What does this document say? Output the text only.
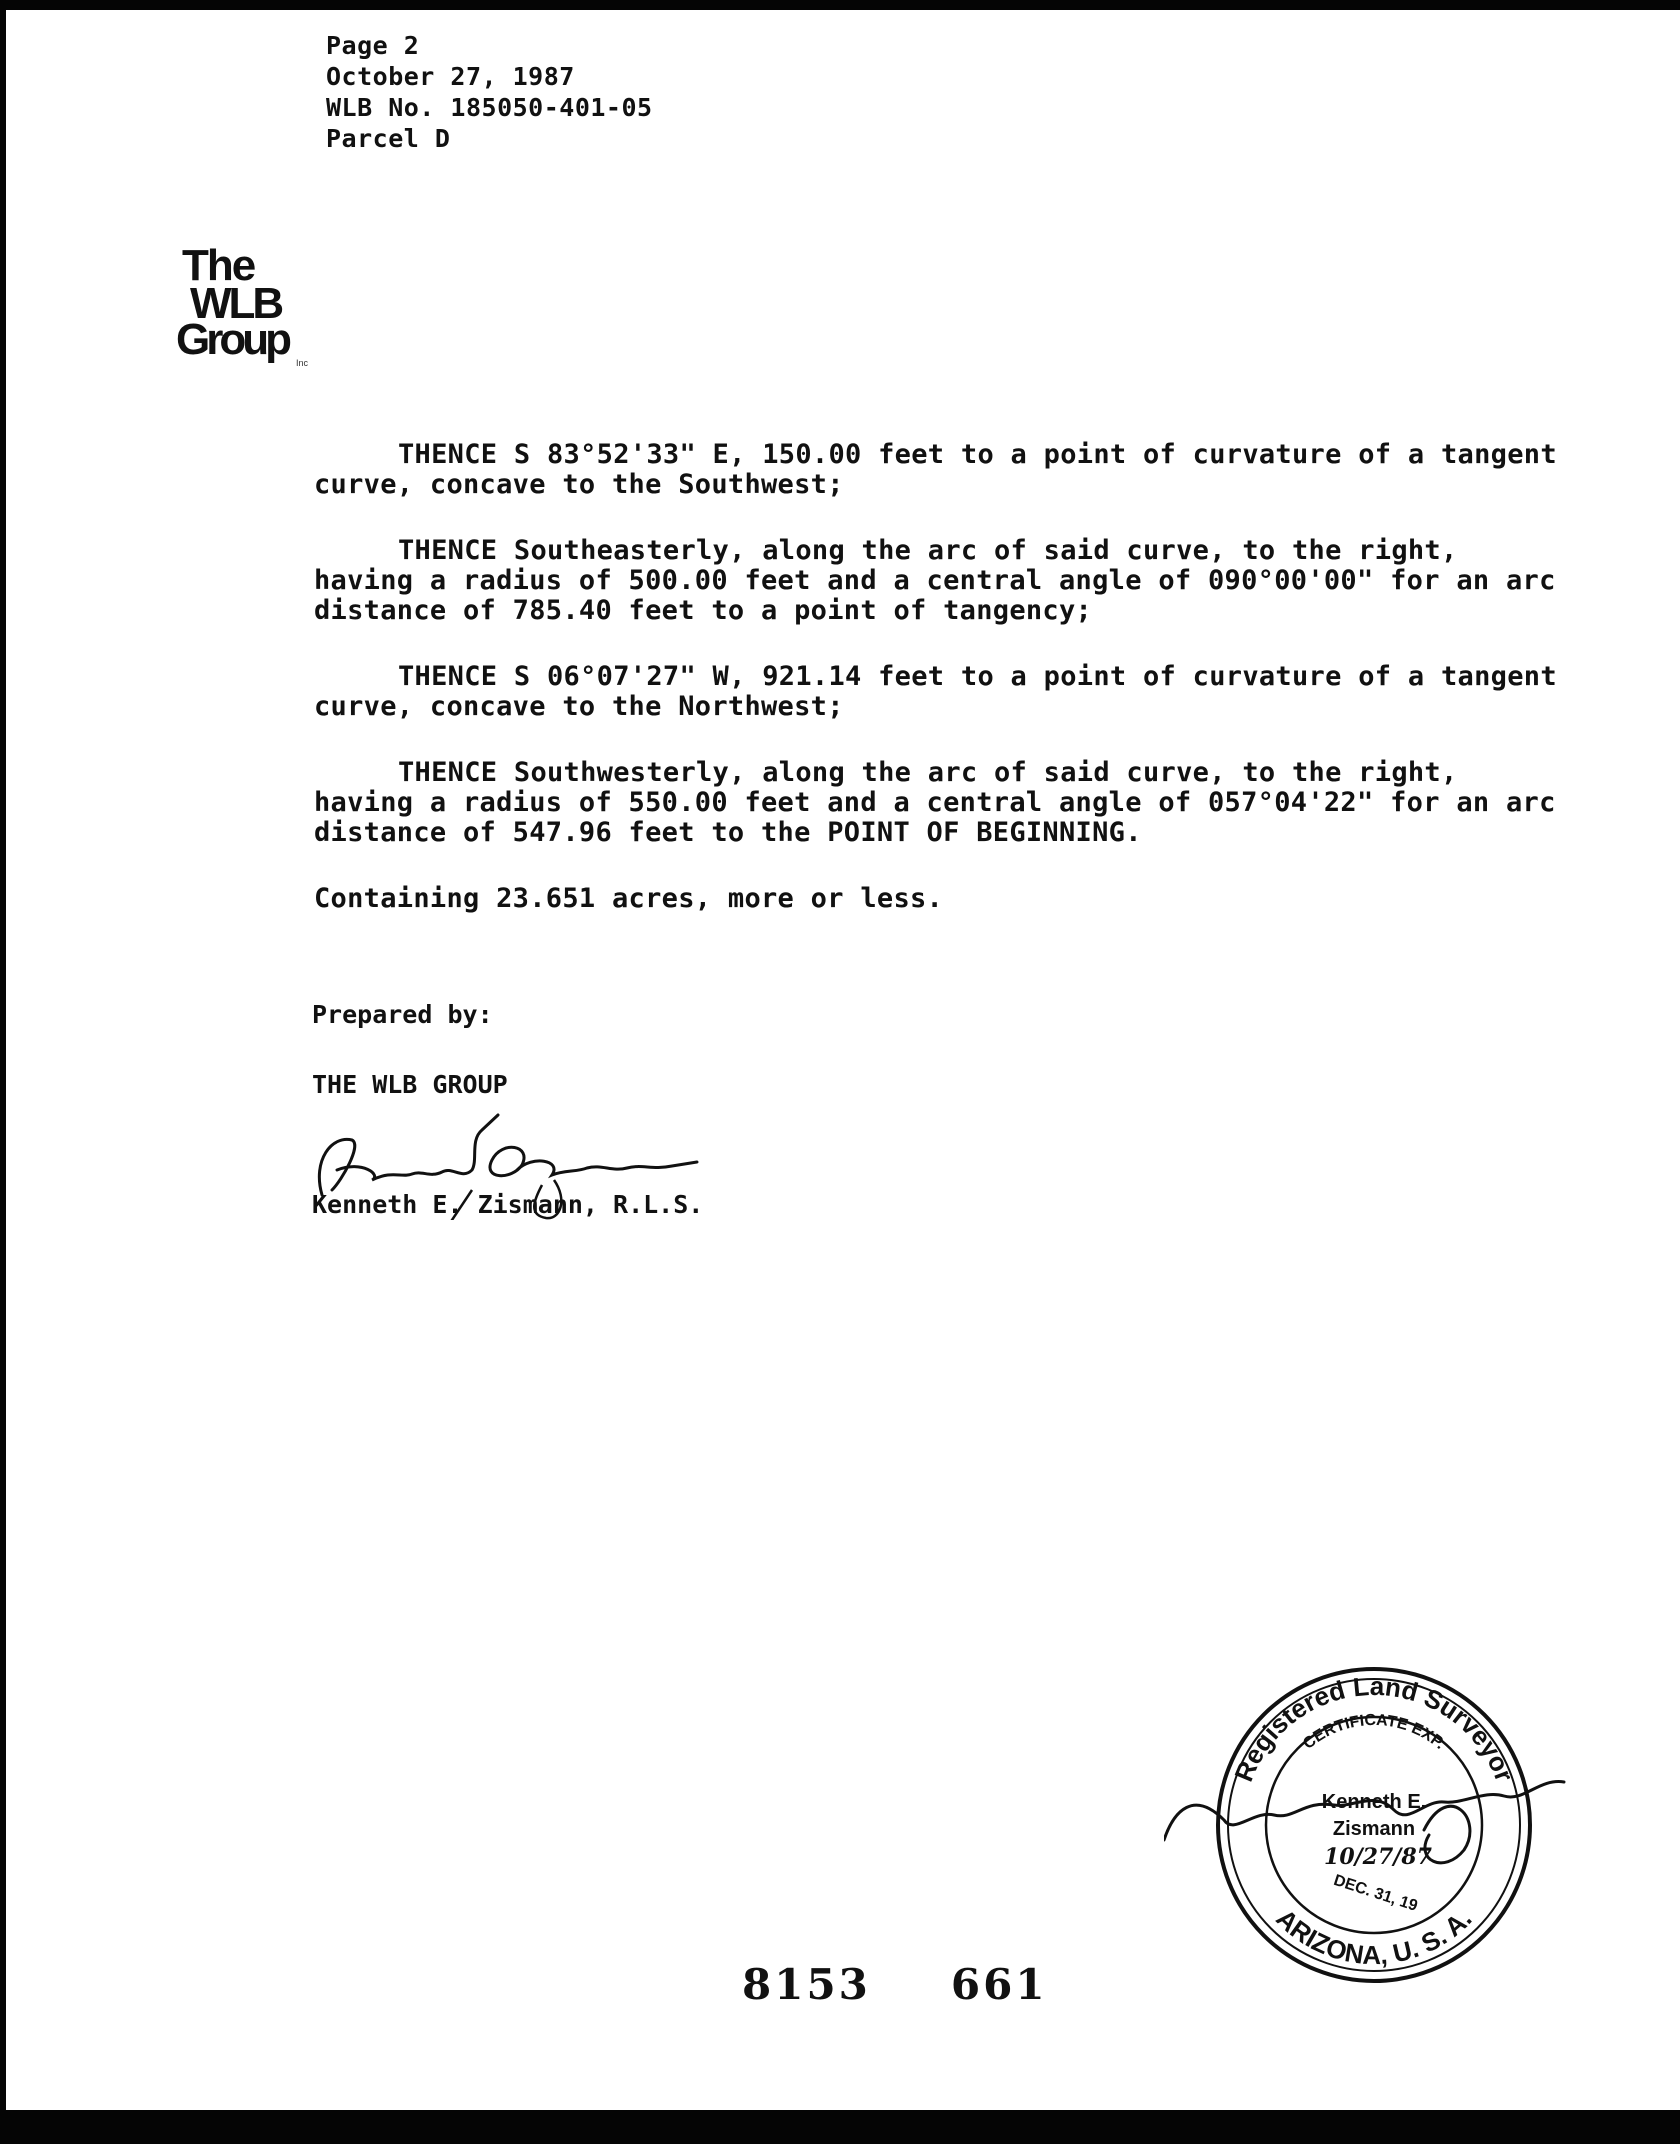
Page 2
October 27, 1987
WLB No. 185050-401-05
Parcel D
The
WLB
Group Inc

THENCE S 83°52'33" E, 150.00 feet to a point of curvature of a tangent curve, concave to the Southwest;

THENCE Southeasterly, along the arc of said curve, to the right, having a radius of 500.00 feet and a central angle of 090°00'00" for an arc distance of 785.40 feet to a point of tangency;

THENCE S 06°07'27" W, 921.14 feet to a point of curvature of a tangent curve, concave to the Northwest;

THENCE Southwesterly, along the arc of said curve, to the right, having a radius of 550.00 feet and a central angle of 057°04'22" for an arc distance of 547.96 feet to the POINT OF BEGINNING.

Containing 23.651 acres, more or less.

Prepared by:
THE WLB GROUP
Kenneth E. Zismann, R.L.S.
Registered Land Surveyor
ARIZONA, U. S. A.
CERTIFICATE EXP.
Kenneth E.
Zismann
10/27/87
DEC. 31, 19
8153 661
